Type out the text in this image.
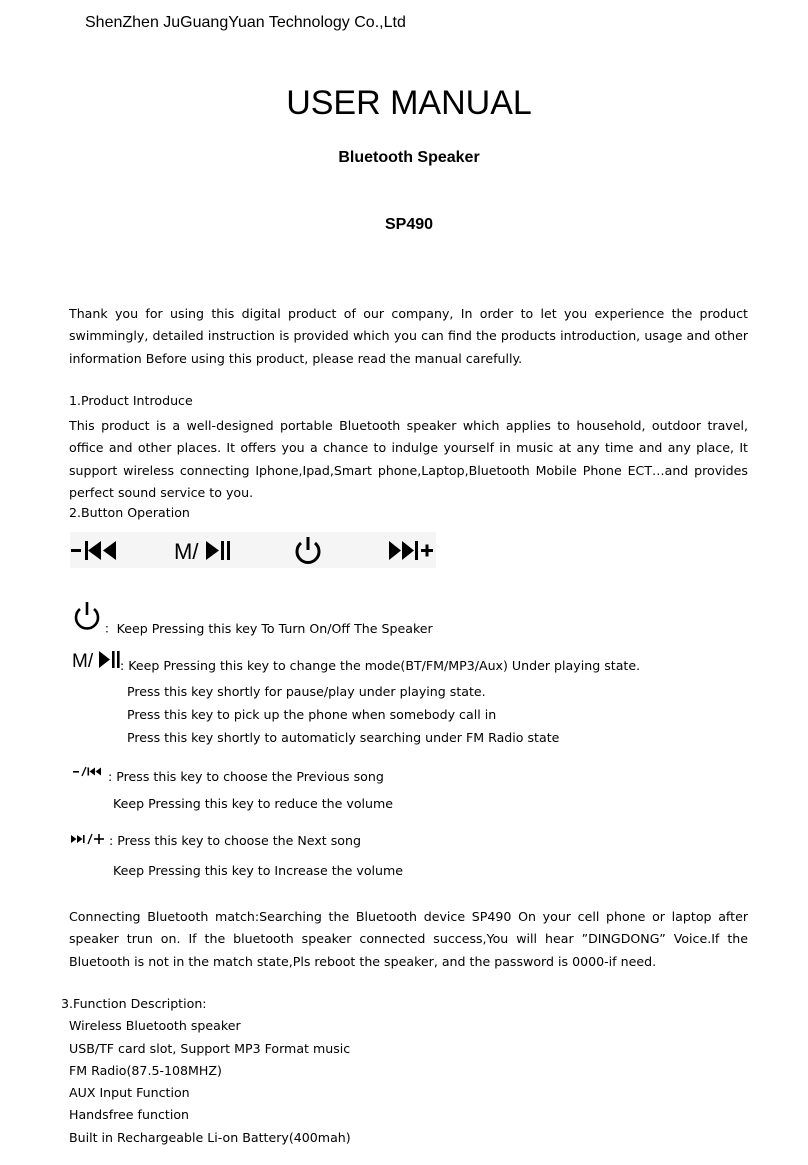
ShenZhen JuGuangYuan Technology Co.,Ltd
USER MANUAL
Bluetooth Speaker
SP490
Thank you for using this digital product of our company, In order to let you experience the product swimmingly, detailed instruction is provided which you can find the products introduction, usage and other information Before using this product, please read the manual carefully.
1.Product Introduce
This product is a well-designed portable Bluetooth speaker which applies to household, outdoor travel, office and other places. It offers you a chance to indulge yourself in music at any time and any place, It support wireless connecting Iphone,Ipad,Smart phone,Laptop,Bluetooth Mobile Phone ECT…and provides perfect sound service to you.
2.Button Operation
M/
：Keep Pressing this key To Turn On/Off The Speaker
M/ : Keep Pressing this key to change the mode(BT/FM/MP3/Aux) Under playing state.
Press this key shortly for pause/play under playing state.
Press this key to pick up the phone when somebody call in
Press this key shortly to automaticly searching under FM Radio state
: Press this key to choose the Previous song
Keep Pressing this key to reduce the volume
: Press this key to choose the Next song
Keep Pressing this key to Increase the volume
Connecting Bluetooth match:Searching the Bluetooth device SP490 On your cell phone or laptop after speaker trun on. If the bluetooth speaker connected success,You will hear ”DINGDONG” Voice.If the Bluetooth is not in the match state,Pls reboot the speaker, and the password is 0000-if need.
3.Function Description:
Wireless Bluetooth speaker
USB/TF card slot, Support MP3 Format music
FM Radio(87.5-108MHZ)
AUX Input Function
Handsfree function
Built in Rechargeable Li-on Battery(400mah)
